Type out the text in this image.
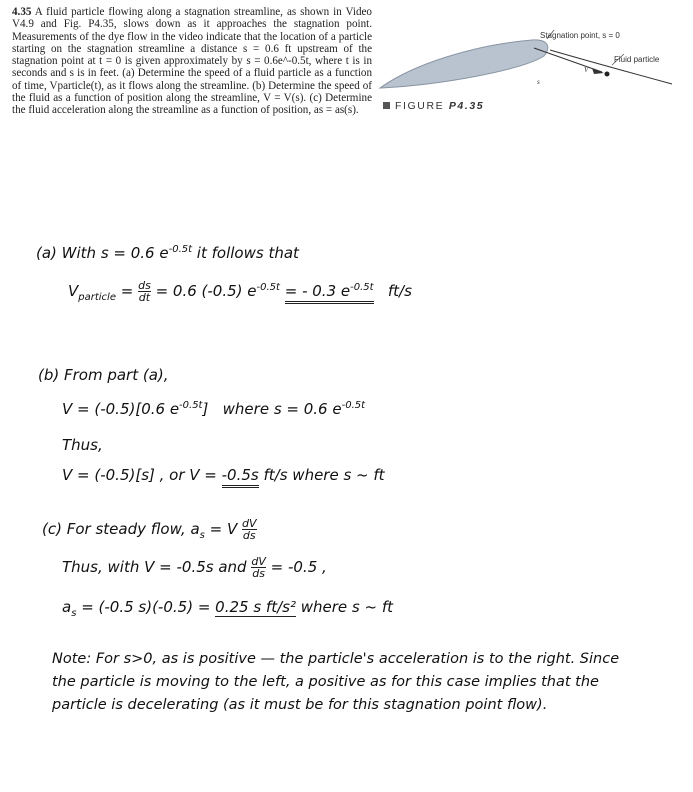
4.35 A fluid particle flowing along a stagnation streamline, as shown in Video V4.9 and Fig. P4.35, slows down as it approaches the stagnation point. Measurements of the dye flow in the video indicate that the location of a particle starting on the stagnation streamline a distance s = 0.6 ft upstream of the stagnation point at t = 0 is given approximately by s = 0.6e^-0.5t, where t is in seconds and s is in feet. (a) Determine the speed of a fluid particle as a function of time, Vparticle(t), as it flows along the streamline. (b) Determine the speed of the fluid as a function of position along the streamline, V = V(s). (c) Determine the fluid acceleration along the streamline as a function of position, as = as(s).

Stagnation point, s = 0
Fluid particle
V
s
FIGURE P4.35
(a) With s = 0.6 $e^{-0.5t}$ it follows that
$V_{particle} = \frac{ds}{dt} = 0.6$ (-0.5) $e^{-0.5t}$ = - 0.3 $e^{-0.5t}$ ft/s
(b) From part (a),
V = (-0.5)[0.6 $e^{-0.5t}$] where s = 0.6 $e^{-0.5t}$
Thus,
V = (-0.5)[s] , or V = -0.5s ft/s where s ~ ft
(c) For steady flow, $a_s = V \frac{dV}{ds}$
Thus, with V = -0.5s and $\frac{dV}{ds} = -0.5$ ,
$a_s = (-0.5$ s)(-0.5) = 0.25 s ft/s² where s ~ ft
Note: For s>0, as is positive — the particle's acceleration is to the right. Since the particle is moving to the left, a positive as for this case implies that the particle is decelerating (as it must be for this stagnation point flow).
